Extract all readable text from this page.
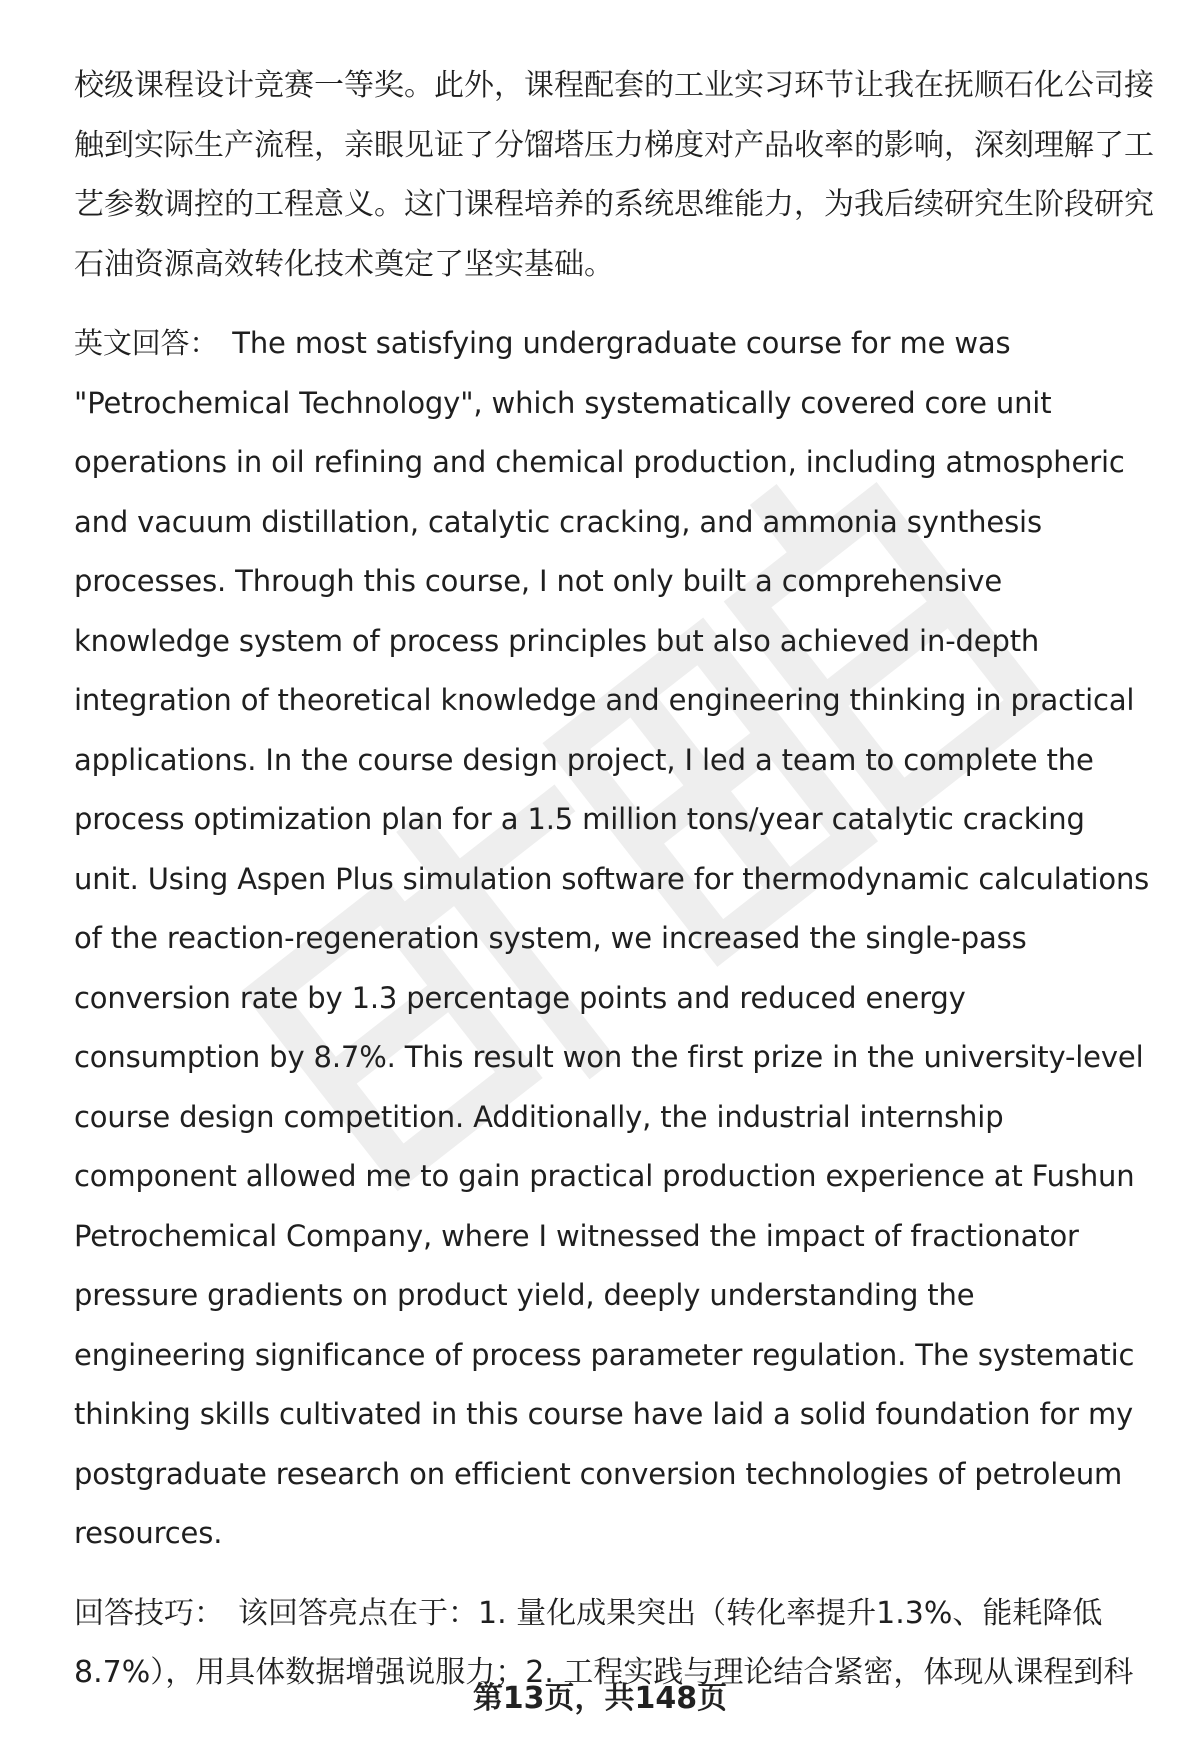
校级课程设计竞赛一等奖。此外，课程配套的工业实习环节让我在抚顺石化公司接触到实际生产流程，亲眼见证了分馏塔压力梯度对产品收率的影响，深刻理解了工艺参数调控的工程意义。这门课程培养的系统思维能力，为我后续研究生阶段研究石油资源高效转化技术奠定了坚实基础。

英文回答： The most satisfying undergraduate course for me was "Petrochemical Technology", which systematically covered core unit operations in oil refining and chemical production, including atmospheric and vacuum distillation, catalytic cracking, and ammonia synthesis processes. Through this course, I not only built a comprehensive knowledge system of process principles but also achieved in-depth integration of theoretical knowledge and engineering thinking in practical applications. In the course design project, I led a team to complete the process optimization plan for a 1.5 million tons/year catalytic cracking unit. Using Aspen Plus simulation software for thermodynamic calculations of the reaction-regeneration system, we increased the single-pass conversion rate by 1.3 percentage points and reduced energy consumption by 8.7%. This result won the first prize in the university-level course design competition. Additionally, the industrial internship component allowed me to gain practical production experience at Fushun Petrochemical Company, where I witnessed the impact of fractionator pressure gradients on product yield, deeply understanding the engineering significance of process parameter regulation. The systematic thinking skills cultivated in this course have laid a solid foundation for my postgraduate research on efficient conversion technologies of petroleum resources.

回答技巧： 该回答亮点在于：1. 量化成果突出（转化率提升1.3%、能耗降低8.7%），用具体数据增强说服力；2. 工程实践与理论结合紧密，体现从课程到科

第13页，共148页
